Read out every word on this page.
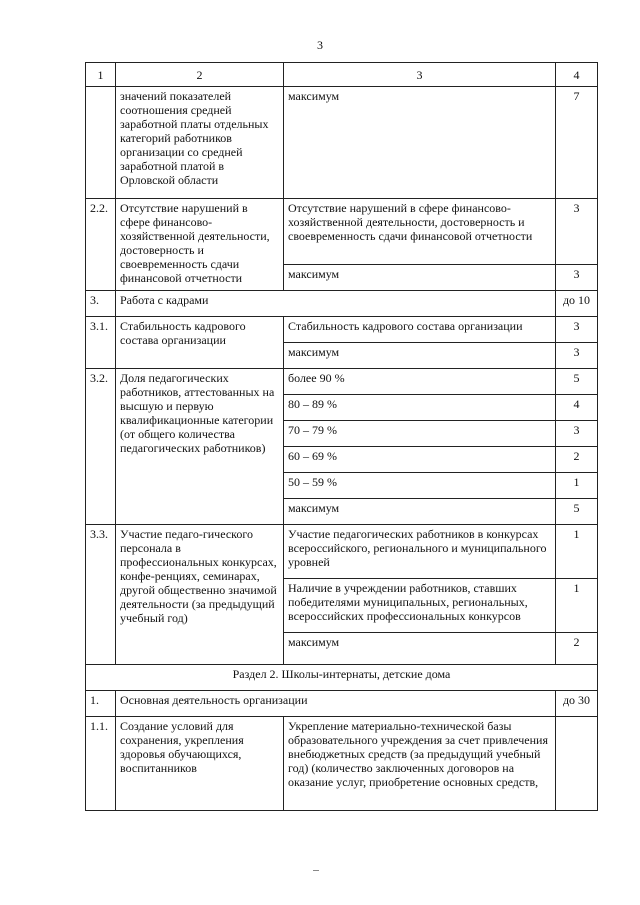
3
1	2	3	4
	значений показателей соотношения средней заработной платы отдельных категорий работников организации со средней заработной платой в Орловской области	максимум	7
2.2.	Отсутствие нарушений в сфере финансово-хозяйственной деятельности, достоверность и своевременность сдачи финансовой отчетности	Отсутствие нарушений в сфере финансово-хозяйственной деятельности, достоверность и своевременность сдачи финансовой отчетности	3
		максимум	3
3.	Работа с кадрами		до 10
3.1.	Стабильность кадрового состава организации	Стабильность кадрового состава организации	3
		максимум	3
3.2.	Доля педагогических работников, аттестованных на высшую и первую квалификационные категории (от общего количества педагогических работников)	более 90 %	5
		80 – 89 %	4
		70 – 79 %	3
		60 – 69 %	2
		50 – 59 %	1
		максимум	5
3.3.	Участие педаго-гического персонала в профессиональных конкурсах, конфе-ренциях, семинарах, другой общественно значимой деятельности (за предыдущий учебный год)	Участие педагогических работников в конкурсах всероссийского, регионального и муниципального уровней	1
		Наличие в учреждении работников, ставших победителями муниципальных, региональных, всероссийских профессиональных конкурсов	1
		максимум	2
Раздел 2. Школы-интернаты, детские дома			
1.	Основная деятельность организации		до 30
1.1.	Создание условий для сохранения, укрепления здоровья обучающихся, воспитанников	Укрепление материально-технической базы образовательного учреждения за счет привлечения внебюджетных средств (за предыдущий учебный год) (количество заключенных договоров на оказание услуг, приобретение основных средств,	
